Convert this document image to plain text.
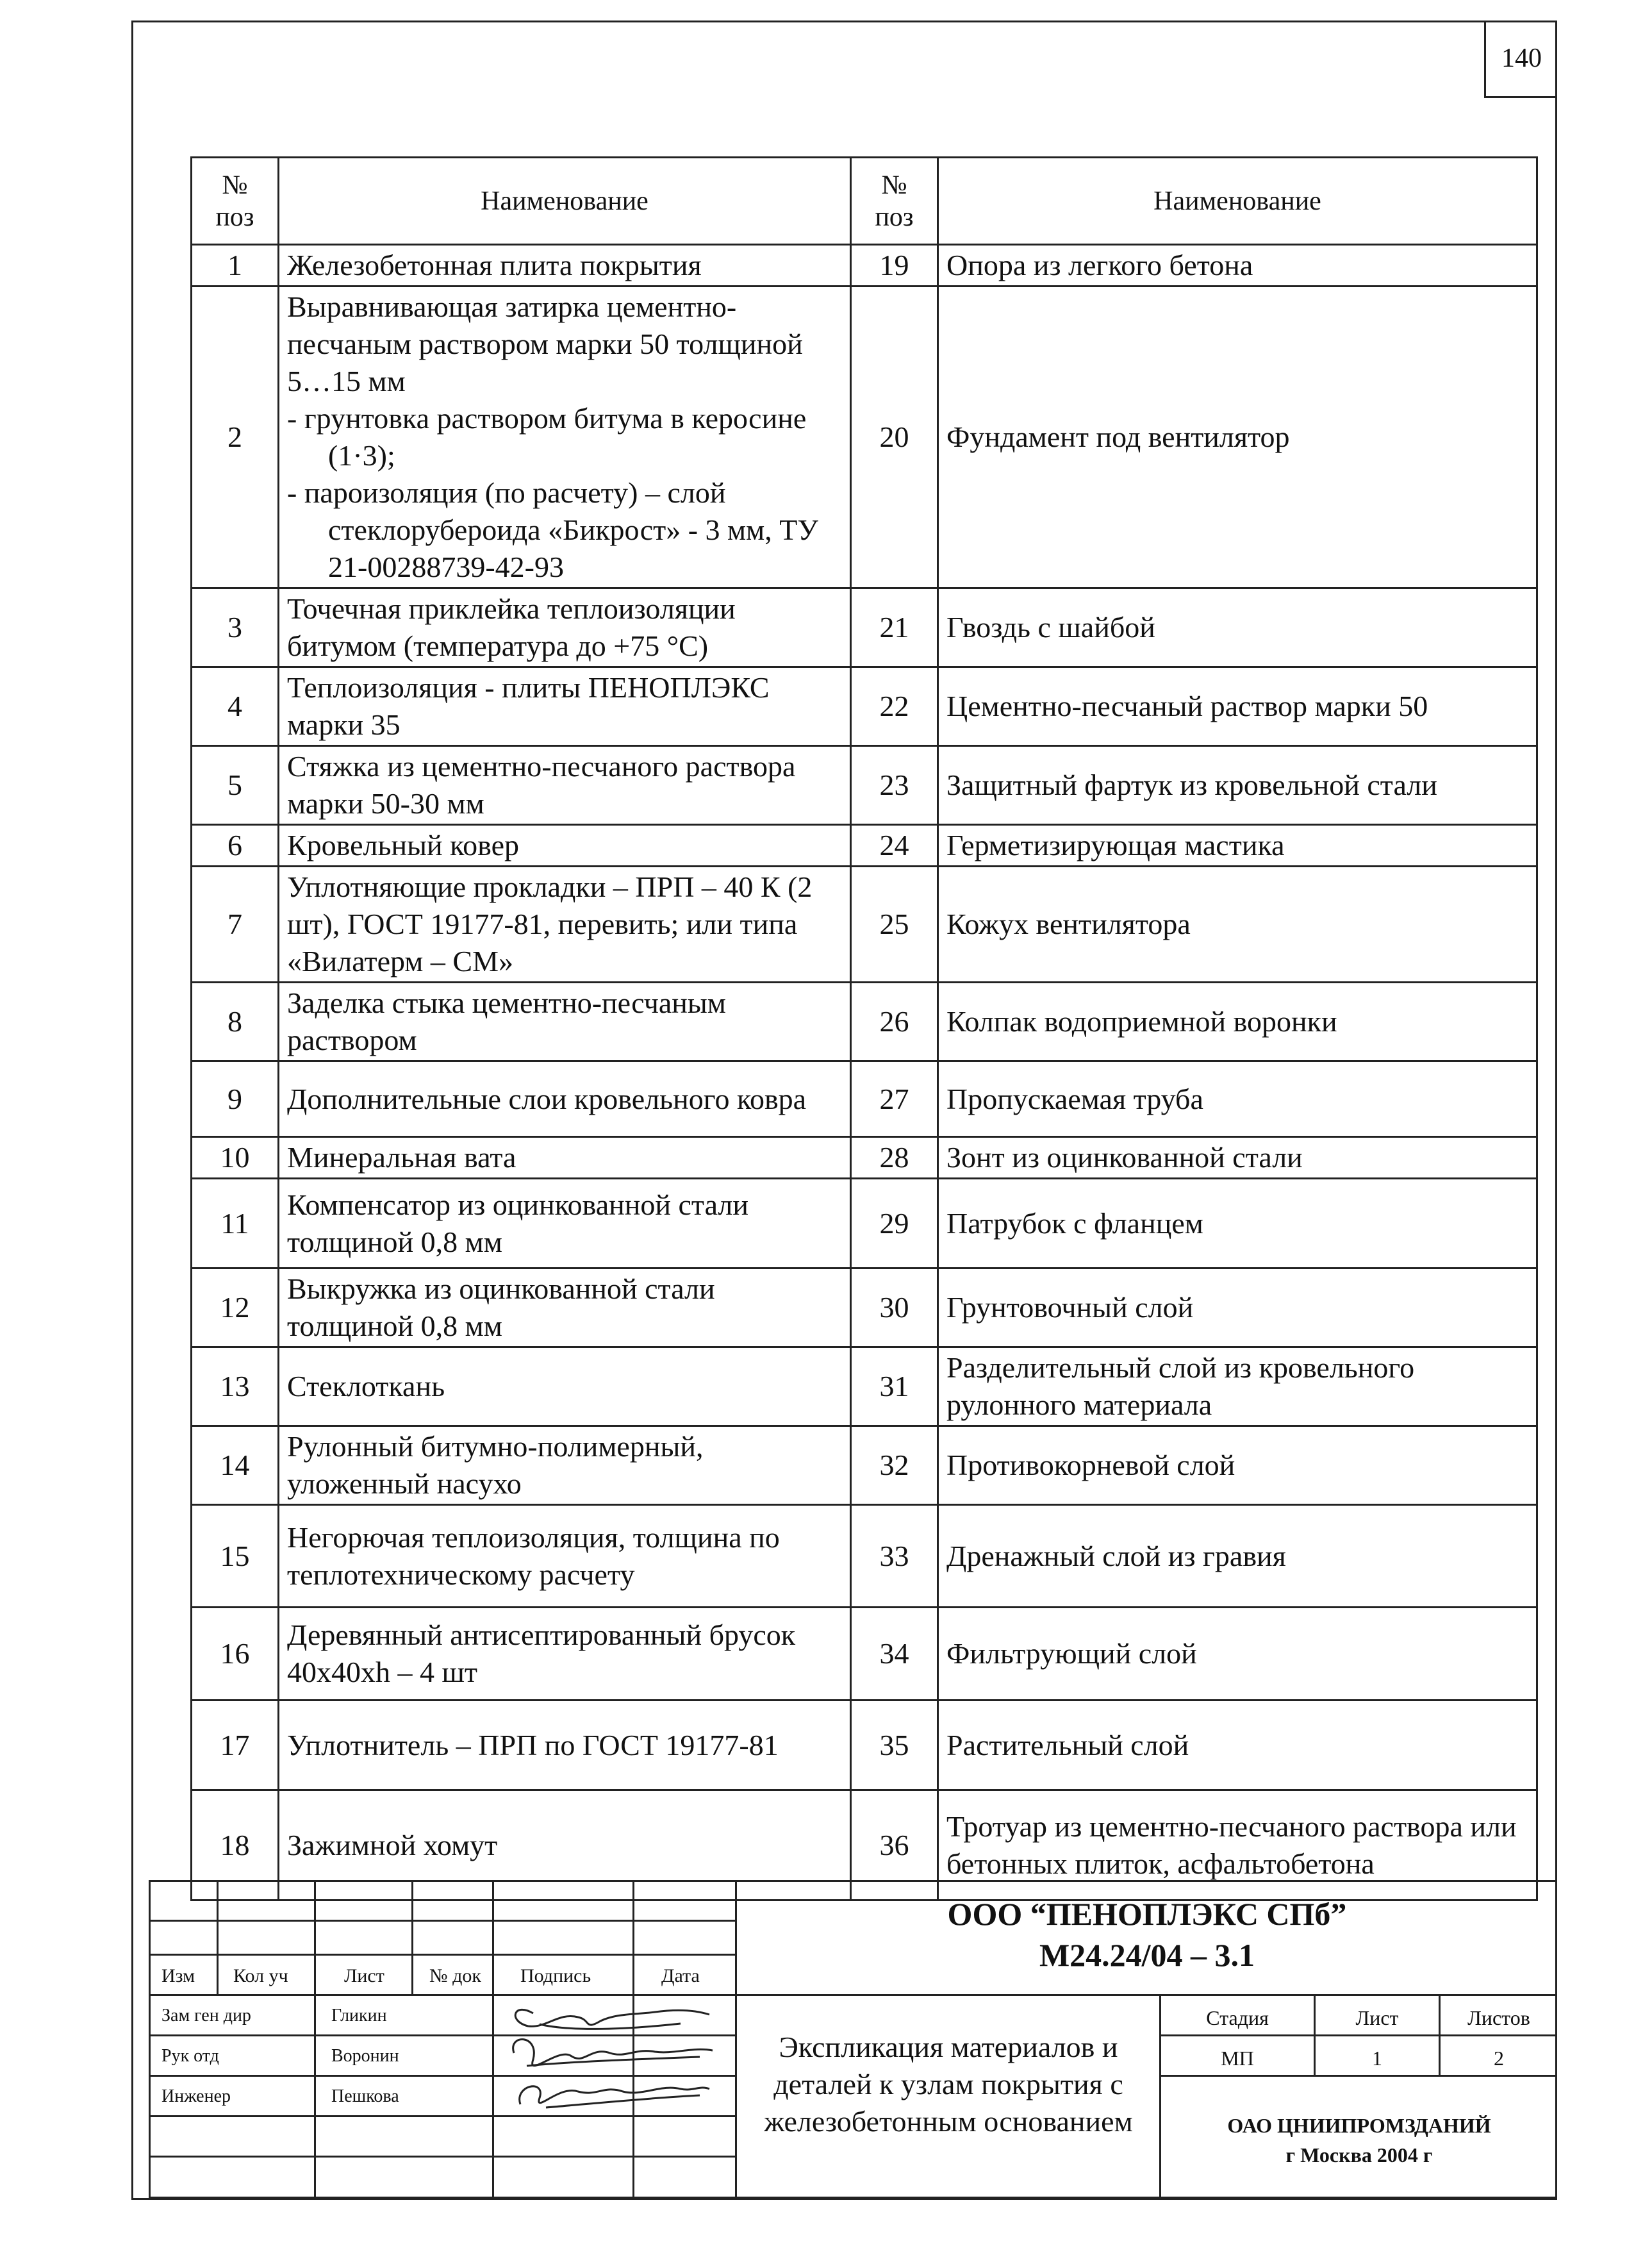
140
№ поз	Наименование	№ поз	Наименование
1	Железобетонная плита покрытия	19	Опора из легкого бетона

2	Выравнивающая затирка цементно-песчаным раствором марки 50 толщиной 5…15 мм
- грунтовка раствором битума в керосине (1·3);
- пароизоляция (по расчету) – слой стеклорубероида «Бикрост» - 3 мм, ТУ 21-00288739-42-93	20	Фундамент под вентилятор

3	Точечная приклейка теплоизоляции битумом (температура до +75 °С)	21	Гвоздь с шайбой

4	Теплоизоляция - плиты ПЕНОПЛЭКС марки 35	22	Цементно-песчаный раствор марки 50

5	Стяжка из цементно-песчаного раствора марки 50-30 мм	23	Защитный фартук из кровельной стали

6	Кровельный ковер	24	Герметизирующая мастика

7	Уплотняющие прокладки – ПРП – 40 К (2 шт), ГОСТ 19177-81, перевить; или типа «Вилатерм – СМ»	25	Кожух вентилятора

8	Заделка стыка цементно-песчаным раствором	26	Колпак водоприемной воронки

9	Дополнительные слои кровельного ковра	27	Пропускаемая труба

10	Минеральная вата	28	Зонт из оцинкованной стали

11	Компенсатор из оцинкованной стали толщиной 0,8 мм	29	Патрубок с фланцем

12	Выкружка из оцинкованной стали толщиной 0,8 мм	30	Грунтовочный слой

13	Стеклоткань	31	Разделительный слой из кровельного рулонного материала

14	Рулонный битумно-полимерный, уложенный насухо	32	Противокорневой слой

15	Негорючая теплоизоляция, толщина по теплотехническому расчету	33	Дренажный слой из гравия

16	Деревянный антисептированный брусок 40х40хh – 4 шт	34	Фильтрующий слой

17	Уплотнитель – ПРП по ГОСТ 19177-81	35	Растительный слой

18	Зажимной хомут	36	Тротуар из цементно-песчаного раствора или бетонных плиток, асфальтобетона
Изм Кол уч	Лист № док Подпись	Дата
Зам ген дир	Гликин
Рук отд	Воронин
Инженер	Пешкова
ООО “ПЕНОПЛЭКС СПб”
М24.24/04 – 3.1
Экспликация материалов и деталей к узлам покрытия с железобетонным основанием
Стадия	Лист	Листов
МП	1	2
ОАО ЦНИИПРОМЗДАНИЙ
г Москва 2004 г
